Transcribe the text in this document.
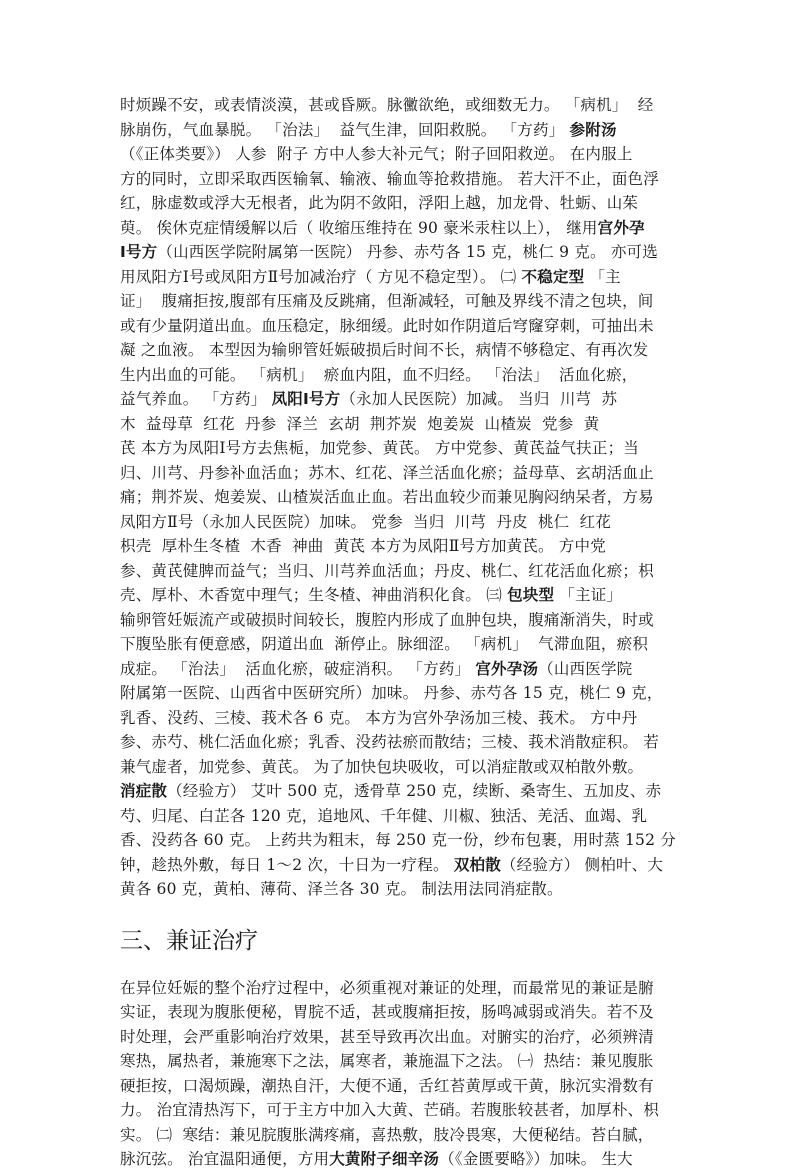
时烦躁不安，或表情淡漠，甚或昏厥。脉黴欲绝，或细数无力。 「病机」  经
脉崩伤，气血暴脱。 「治法」  益气生津，回阳救脱。 「方药」 参附汤
（《正体类要》） 人参  附子 方中人参大补元气；附子回阳救逆。 在内服上
方的同时，立即采取西医输氧、输液、输血等抢救措施。 若大汗不止，面色浮
红，脉虚数或浮大无根者，此为阴不敛阳，浮阳上越，加龙骨、牡蛎、山茱
萸。 俟休克症情缓解以后（ 收缩压维持在 90 豪米汞柱以上）， 继用宫外孕
Ⅰ号方（山西医学院附属第一医院） 丹参、赤芍各 15 克，桃仁 9 克。 亦可选
用凤阳方Ⅰ号或凤阳方Ⅱ号加减治疗（ 方见不稳定型）。 ㈡ 不稳定型 「主
证」  腹痛拒按,腹部有压痛及反跳痛，但渐减轻，可触及界线不清之包块，间
或有少量阴道出血。血压稳定，脉细缓。此时如作阴道后穹窿穿刺，可抽出未
凝 之血液。 本型因为输卵管妊娠破损后时间不长，病情不够稳定、有再次发
生内出血的可能。 「病机」  瘀血内阻，血不归经。 「治法」  活血化瘀，
益气养血。 「方药」 凤阳Ⅰ号方（永加人民医院）加减。 当归  川芎  苏
木  益母草  红花  丹参  泽兰  玄胡  荆芥炭  炮姜炭  山楂炭  党参  黄
芪 本方为凤阳Ⅰ号方去焦栀，加党参、黄芪。 方中党参、黄芪益气扶正；当
归、川芎、丹参补血活血；苏木、红花、泽兰活血化瘀；益母草、玄胡活血止
痛；荆芥炭、炮姜炭、山楂炭活血止血。若出血较少而兼见胸闷纳呆者，方易
凤阳方Ⅱ号（永加人民医院）加味。 党参  当归  川芎  丹皮  桃仁  红花
枳壳  厚朴生冬楂  木香  神曲  黄芪 本方为凤阳Ⅱ号方加黄芪。 方中党
参、黄芪健脾而益气；当归、川芎养血活血；丹皮、桃仁、红花活血化瘀；枳
壳、厚朴、木香宽中理气；生冬楂、神曲消积化食。 ㈢ 包块型 「主证」
输卵管妊娠流产或破损时间较长，腹腔内形成了血肿包块，腹痛渐消失，时或
下腹坠胀有便意感，阴道出血  渐停止。脉细涩。 「病机」  气滞血阻，瘀积
成症。 「治法」  活血化瘀，破症消积。 「方药」 宫外孕汤（山西医学院
附属第一医院、山西省中医研究所）加味。 丹参、赤芍各 15 克，桃仁 9 克，
乳香、没药、三棱、莪术各 6 克。 本方为宫外孕汤加三棱、莪术。 方中丹
参、赤芍、桃仁活血化瘀；乳香、没药祛瘀而散结；三棱、莪术消散症积。 若
兼气虚者，加党参、黄芪。 为了加快包块吸收，可以消症散或双柏散外敷。
消症散（经验方） 艾叶 500 克，透骨草 250 克，续断、桑寄生、五加皮、赤
芍、归尾、白芷各 120 克，追地风、千年健、川椒、独活、羌活、血竭、乳
香、没药各 60 克。 上药共为粗末，每 250 克一份，纱布包裹，用时蒸 152 分
钟，趁热外敷，每日 1～2 次，十日为一疗程。 双柏散（经验方） 侧柏叶、大
黄各 60 克，黄柏、薄荷、泽兰各 30 克。 制法用法同消症散。
三、兼证治疗
在异位妊娠的整个治疗过程中，必须重视对兼证的处理，而最常见的兼证是腑
实证，表现为腹胀便秘，胃脘不适，甚或腹痛拒按，肠鸣减弱或消失。若不及
时处理，会严重影响治疗效果，甚至导致再次出血。对腑实的治疗，必须辨清
寒热，属热者，兼施寒下之法，属寒者，兼施温下之法。 ㈠  热结：兼见腹胀
硬拒按，口渴烦躁，潮热自汗，大便不通，舌红苔黄厚或干黄，脉沉实滑数有
力。 治宜清热泻下，可于主方中加入大黄、芒硝。若腹胀较甚者，加厚朴、枳
实。 ㈡  寒结：兼见脘腹胀满疼痛，喜热敷，肢冷畏寒，大便秘结。苔白腻，
脉沉弦。 治宜温阳通便，方用大黄附子细辛汤（《金匮要略》）加味。 生大
